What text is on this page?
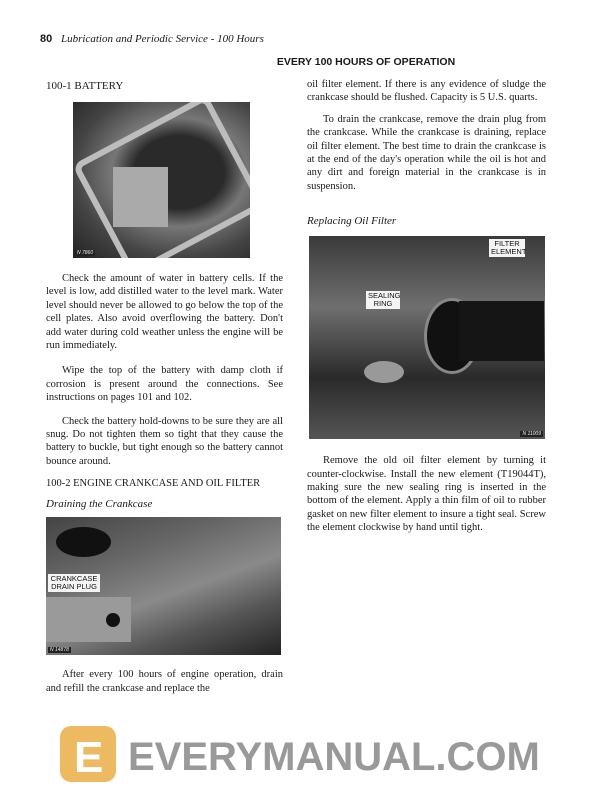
80 Lubrication and Periodic Service - 100 Hours
EVERY 100 HOURS OF OPERATION
100-1 BATTERY
N 7860
Check the amount of water in battery cells. If the level is low, add distilled water to the level mark. Water level should never be allowed to go below the top of the cell plates. Also avoid overflowing the battery. Don't add water during cold weather unless the engine will be run immediately.
Wipe the top of the battery with damp cloth if corrosion is present around the connections. See instructions on pages 101 and 102.
Check the battery hold-downs to be sure they are all snug. Do not tighten them so tight that they cause the battery to buckle, but tight enough so the battery cannot bounce around.
100-2 ENGINE CRANKCASE AND OIL FILTER
Draining the Crankcase
CRANKCASE DRAIN PLUG
N 14878
After every 100 hours of engine operation, drain and refill the crankcase and replace the
oil filter element. If there is any evidence of sludge the crankcase should be flushed. Capacity is 5 U.S. quarts.
To drain the crankcase, remove the drain plug from the crankcase. While the crankcase is draining, replace oil filter element. The best time to drain the crankcase is at the end of the day's operation while the oil is hot and any dirt and foreign material in the crankcase is in suspension.
Replacing Oil Filter
FILTER ELEMENT
SEALING RING
N 11009
Remove the old oil filter element by turning it counter-clockwise. Install the new element (T19044T), making sure the new sealing ring is inserted in the bottom of the element. Apply a thin film of oil to rubber gasket on new filter element to insure a tight seal. Screw the element clockwise by hand until tight.
E EVERYMANUAL.COM
